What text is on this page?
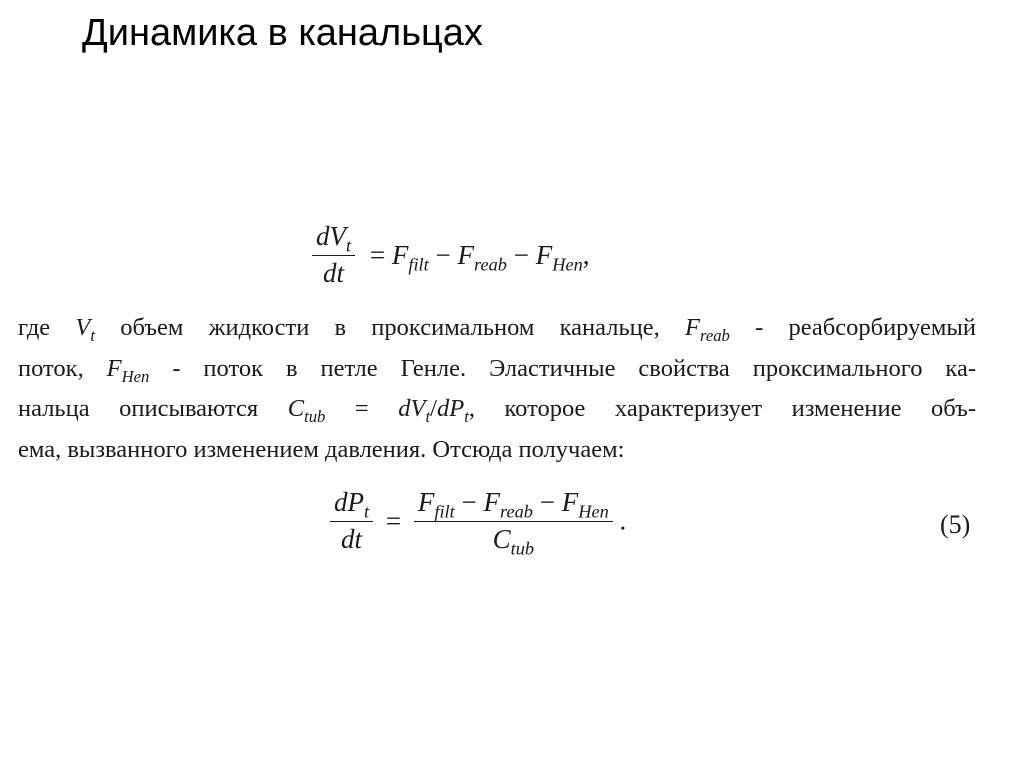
Динамика в канальцах
$\frac{dV_t}{dt} = F_{filt} - F_{reab} - F_{Hen}$,
где $V_t$ объем жидкости в проксимальном канальце, $F_{reab}$ - реабсорбируемый
поток, $F_{Hen}$ - поток в петле Генле. Эластичные свойства проксимального ка-
нальца описываются $C_{tub} = dV_t/dP_t$, которое характеризует изменение объ-
ема, вызванного изменением давления. Отсюда получаем:
$\frac{dP_t}{dt} = \frac{F_{filt} - F_{reab} - F_{Hen}}{C_{tub}}$ .	(5)
